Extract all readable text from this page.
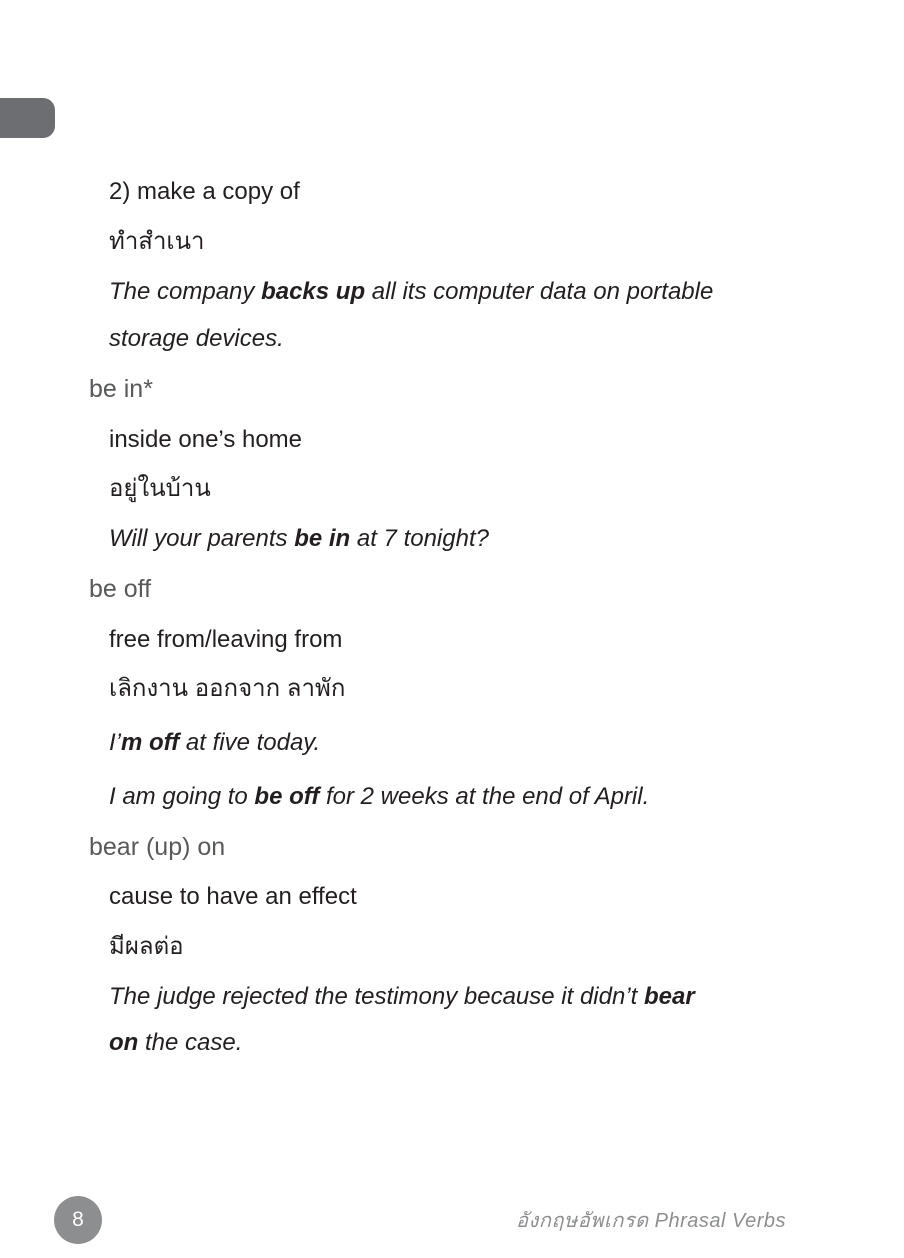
2) make a copy of
ทำสำเนา
The company backs up all its computer data on portable
storage devices.
be in*
inside one’s home
อยู่ในบ้าน
Will your parents be in at 7 tonight?
be off
free from/leaving from
เลิกงาน ออกจาก ลาพัก
I’m off at five today.
I am going to be off for 2 weeks at the end of April.
bear (up) on
cause to have an effect
มีผลต่อ
The judge rejected the testimony because it didn’t bear
on the case.
8	อังกฤษอัพเกรด Phrasal Verbs
